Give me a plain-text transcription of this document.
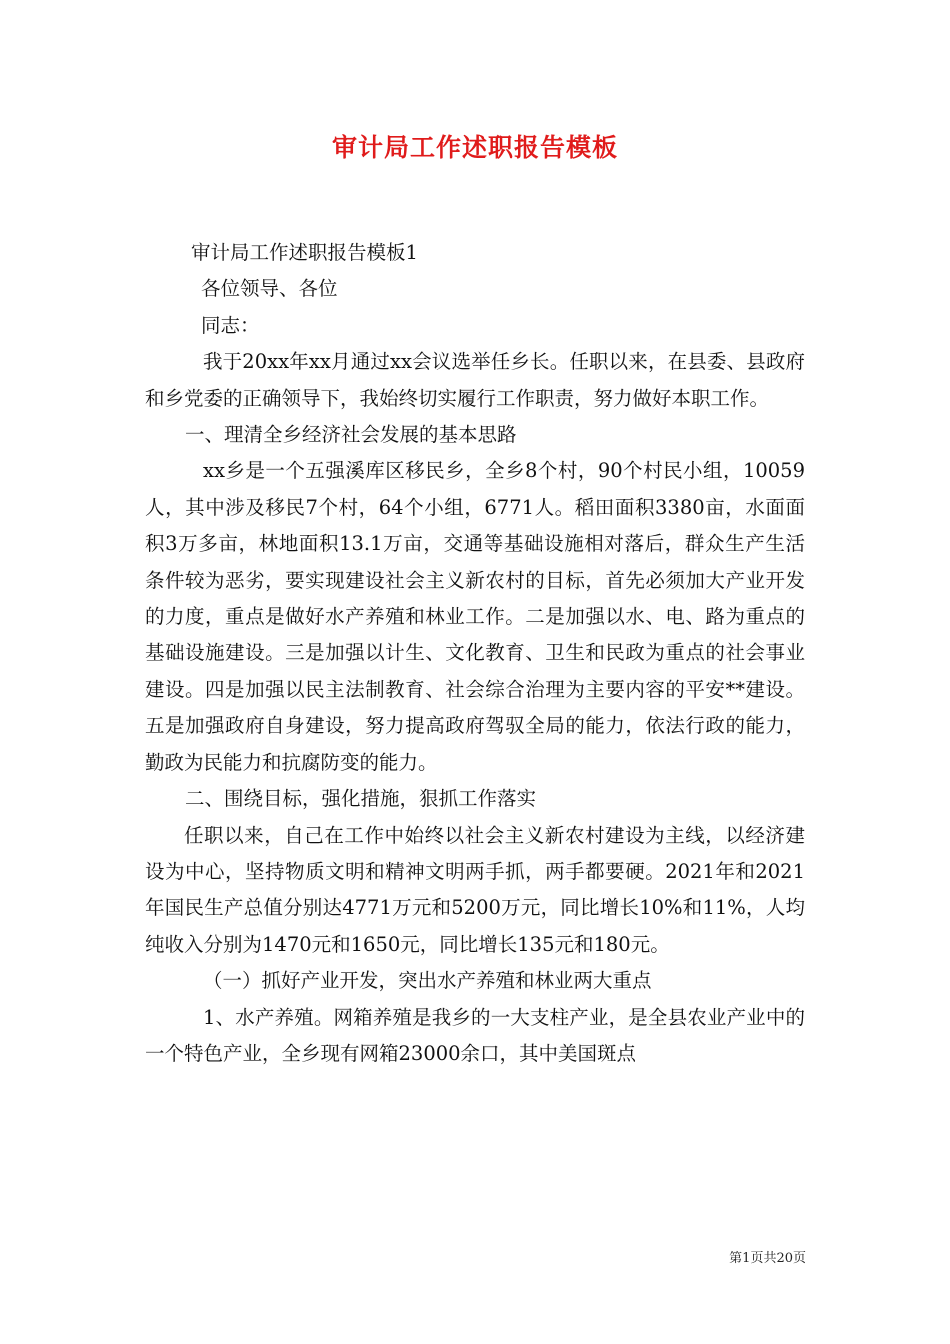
审计局工作述职报告模板

审计局工作述职报告模板1

各位领导、各位

同志：

我于20xx年xx月通过xx会议选举任乡长。任职以来，在县委、县政府和乡党委的正确领导下，我始终切实履行工作职责，努力做好本职工作。

一、理清全乡经济社会发展的基本思路

xx乡是一个五强溪库区移民乡，全乡8个村，90个村民小组，10059人，其中涉及移民7个村，64个小组，6771人。稻田面积3380亩，水面面积3万多亩，林地面积13.1万亩，交通等基础设施相对落后，群众生产生活条件较为恶劣，要实现建设社会主义新农村的目标，首先必须加大产业开发的力度，重点是做好水产养殖和林业工作。二是加强以水、电、路为重点的基础设施建设。三是加强以计生、文化教育、卫生和民政为重点的社会事业建设。四是加强以民主法制教育、社会综合治理为主要内容的平安**建设。五是加强政府自身建设，努力提高政府驾驭全局的能力，依法行政的能力，勤政为民能力和抗腐防变的能力。

二、围绕目标，强化措施，狠抓工作落实

任职以来，自己在工作中始终以社会主义新农村建设为主线，以经济建设为中心，坚持物质文明和精神文明两手抓，两手都要硬。2021年和2021年国民生产总值分别达4771万元和5200万元，同比增长10%和11%，人均纯收入分别为1470元和1650元，同比增长135元和180元。

（一）抓好产业开发，突出水产养殖和林业两大重点

1、水产养殖。网箱养殖是我乡的一大支柱产业，是全县农业产业中的一个特色产业，全乡现有网箱23000余口，其中美国斑点

第1页共20页
